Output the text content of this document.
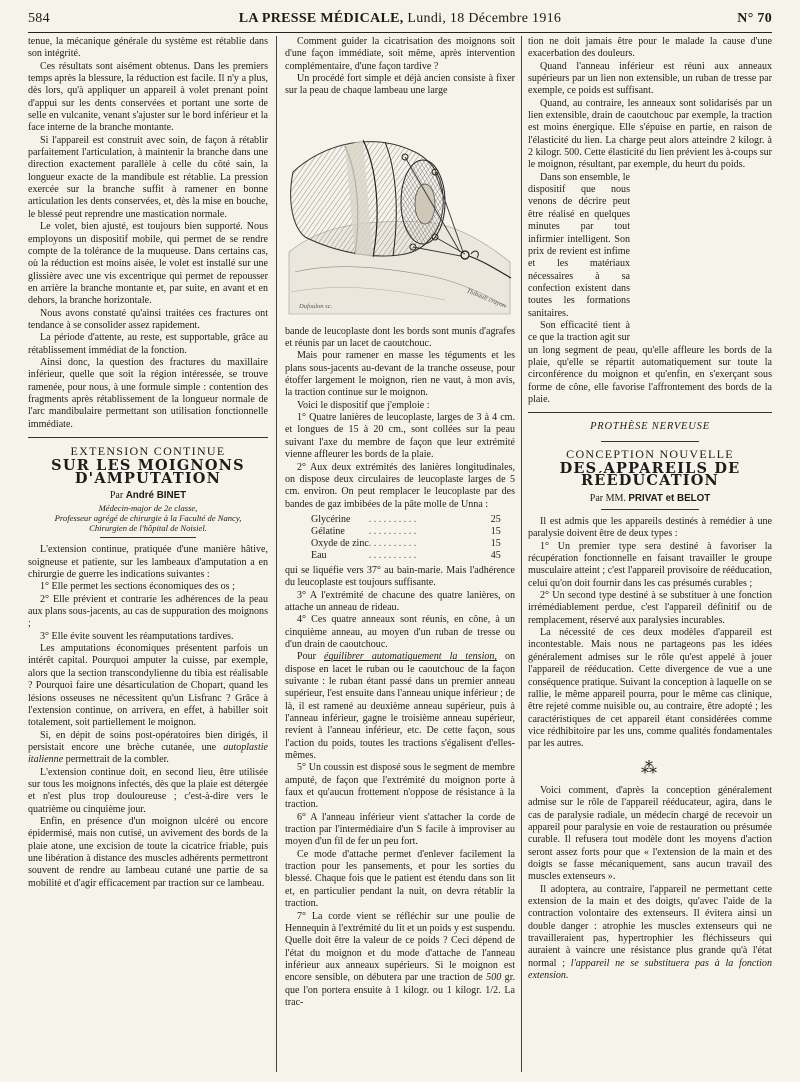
584	LA PRESSE MÉDICALE, Lundi, 18 Décembre 1916	N° 70

tenue, la mécanique générale du système est rétablie dans son intégrité.

Ces résultats sont aisément obtenus. Dans les premiers temps après la blessure, la réduction est facile. Il n'y a plus, dès lors, qu'à appliquer un appareil à volet prenant point d'appui sur les dents conservées et portant une sorte de selle en vulcanite, venant s'ajuster sur le bord inférieur et la face interne de la branche montante.

Si l'appareil est construit avec soin, de façon à rétablir parfaitement l'articulation, à maintenir la branche dans une direction exactement parallèle à celle du côté sain, la longueur exacte de la mandibule est rétablie. La pression exercée sur la branche suffit à ramener en bonne articulation les dents conservées, et, dès la mise en bouche, le blessé peut reprendre une mastication normale.

Le volet, bien ajusté, est toujours bien supporté. Nous employons un dispositif mobile, qui permet de se rendre compte de la tolérance de la muqueuse. Dans certains cas, où la réduction est moins aisée, le volet est installé sur une glissière avec une vis excentrique qui permet de repousser en arrière la branche montante et, par suite, en avant et en dehors, la branche horizontale.

Nous avons constaté qu'ainsi traitées ces fractures ont tendance à se consolider assez rapidement.

La période d'attente, au reste, est supportable, grâce au rétablissement immédiat de la fonction.

Ainsi donc, la question des fractures du maxillaire inférieur, quelle que soit la région intéressée, se trouve ramenée, pour nous, à une formule simple : contention des fragments après rétablissement de la longueur normale de l'arc mandibulaire permettant son utilisation fonctionnelle immédiate.

EXTENSION CONTINUE
SUR LES MOIGNONS D'AMPUTATION
Par André BINET
Médecin-major de 2e classe,
Professeur agrégé de chirurgie à la Faculté de Nancy,
Chirurgien de l'hôpital de Noisiel.

L'extension continue, pratiquée d'une manière hâtive, soigneuse et patiente, sur les lambeaux d'amputation a en chirurgie de guerre les indications suivantes :

1° Elle permet les sections économiques des os ;

2° Elle prévient et contrarie les adhérences de la peau aux plans sous-jacents, au cas de suppuration des moignons ;

3° Elle évite souvent les réamputations tardives.

Les amputations économiques présentent parfois un intérêt capital. Pourquoi amputer la cuisse, par exemple, alors que la section transcondylienne du tibia est réalisable ? Pourquoi faire une désarticulation de Chopart, quand les lésions osseuses ne nécessitent qu'un Lisfranc ? Grâce à l'extension continue, on arrivera, en effet, à habiller soit totalement, soit partiellement le moignon.

Si, en dépit de soins post-opératoires bien dirigés, il persistait encore une brèche cutanée, une autoplastie italienne permettrait de la combler.

L'extension continue doit, en second lieu, être utilisée sur tous les moignons infectés, dès que la plaie est détergée et n'est plus trop douloureuse ; c'est-à-dire vers le quatrième ou cinquième jour.

Enfin, en présence d'un moignon ulcéré ou encore épidermisé, mais non cutisé, un avivement des bords de la plaie atone, une excision de toute la cicatrice friable, puis une libération à distance des muscles adhérents permettront souvent de rendre au lambeau cutané une partie de sa mobilité et d'agir efficacement par traction sur ce lambeau.

Comment guider la cicatrisation des moignons soit d'une façon immédiate, soit même, après intervention complémentaire, d'une façon tardive ?

Un procédé fort simple et déjà ancien consiste à fixer sur la peau de chaque lambeau une large

Dufoulon sc.	Thibault crayon

bande de leucoplaste dont les bords sont munis d'agrafes et réunis par un lacet de caoutchouc.

Mais pour ramener en masse les téguments et les plans sous-jacents au-devant de la tranche osseuse, pour étoffer largement le moignon, rien ne vaut, à mon avis, la traction continue sur le moignon.

Voici le dispositif que j'emploie :

1° Quatre lanières de leucoplaste, larges de 3 à 4 cm. et longues de 15 à 20 cm., sont collées sur la peau suivant l'axe du membre de façon que leur extrémité vienne affleurer les bords de la plaie.

2° Aux deux extrémités des lanières longitudinales, on dispose deux circulaires de leucoplaste larges de 5 cm. environ. On peut remplacer le leucoplaste par des bandes de gaz imbibées de la pâte molle de Unna :

Glycérine	. . . . . . . . . .	25
Gélatine	. . . . . . . . . .	15
Oxyde de zinc	. . . . . . . . . .	15
Eau	. . . . . . . . . .	45

qui se liquéfie vers 37° au bain-marie. Mais l'adhérence du leucoplaste est toujours suffisante.

3° A l'extrémité de chacune des quatre lanières, on attache un anneau de rideau.

4° Ces quatre anneaux sont réunis, en cône, à un cinquième anneau, au moyen d'un ruban de tresse ou d'un drain de caoutchouc.

Pour équilibrer automatiquement la tension, on dispose en lacet le ruban ou le caoutchouc de la façon suivante : le ruban étant passé dans un premier anneau supérieur, l'est ensuite dans l'anneau unique inférieur ; de là, il est ramené au deuxième anneau supérieur, puis à l'anneau inférieur, gagne le troisième anneau supérieur, revient à l'anneau inférieur, etc. De cette façon, sous l'action du poids, toutes les tractions s'égalisent d'elles-mêmes.

5° Un coussin est disposé sous le segment de membre amputé, de façon que l'extrémité du moignon porte à faux et qu'aucun frottement n'oppose de résistance à la traction.

6° A l'anneau inférieur vient s'attacher la corde de traction par l'intermédiaire d'un S facile à improviser au moyen d'un fil de fer un peu fort.

Ce mode d'attache permet d'enlever facilement la traction pour les pansements, et pour les sorties du blessé. Chaque fois que le patient est étendu dans son lit et, en particulier pendant la nuit, on devra rétablir la traction.

7° La corde vient se réfléchir sur une poulie de Hennequin à l'extrémité du lit et un poids y est suspendu. Quelle doit être la valeur de ce poids ? Ceci dépend de l'état du moignon et du mode d'attache de l'anneau inférieur aux anneaux supérieurs. Si le moignon est encore sensible, on débutera par une traction de 500 gr. que l'on portera ensuite à 1 kilogr. ou 1 kilogr. 1/2. La trac-

tion ne doit jamais être pour le malade la cause d'une exacerbation des douleurs.

Quand l'anneau inférieur est réuni aux anneaux supérieurs par un lien non extensible, un ruban de tresse par exemple, ce poids est suffisant.

Quand, au contraire, les anneaux sont solidarisés par un lien extensible, drain de caoutchouc par exemple, la traction est moins énergique. Elle s'épuise en partie, en raison de l'élasticité du lien. La charge peut alors atteindre 2 kilogr. à 2 kilogr. 500. Cette élasticité du lien prévient les à-coups sur le moignon, résultant, par exemple, du heurt du poids.

Dans son ensemble, le dispositif que nous venons de décrire peut être réalisé en quelques minutes par tout infirmier intelligent. Son prix de revient est infime et les matériaux nécessaires à sa confection existent dans toutes les formations sanitaires.

Son efficacité tient à ce que la traction agit sur un long segment de peau, qu'elle affleure les bords de la plaie, qu'elle se répartit automatiquement sur toute la circonférence du moignon et qu'enfin, en s'exerçant sous forme de cône, elle favorise l'affrontement des bords de la plaie.

PROTHÈSE NERVEUSE
CONCEPTION NOUVELLE
DES APPAREILS DE RÉÉDUCATION
Par MM. PRIVAT et BELOT

Il est admis que les appareils destinés à remédier à une paralysie doivent être de deux types :

1° Un premier type sera destiné à favoriser la récupération fonctionnelle en faisant travailler le groupe musculaire atteint ; c'est l'appareil provisoire de rééducation, celui qu'on doit fournir dans les cas présumés curables ;

2° Un second type destiné à se substituer à une fonction irrémédiablement perdue, c'est l'appareil définitif ou de remplacement, réservé aux paralysies incurables.

La nécessité de ces deux modèles d'appareil est incontestable. Mais nous ne partageons pas les idées généralement admises sur le rôle qu'est appelé à jouer l'appareil de rééducation. Cette divergence de vue a une conséquence pratique. Suivant la conception à laquelle on se rallie, le même appareil pourra, pour le même cas clinique, être rejeté comme nuisible ou, au contraire, être adopté ; les caractéristiques de cet appareil étant considérées comme vice rédhibitoire par les uns, comme qualités fondamentales par les autres.

⁂

Voici comment, d'après la conception généralement admise sur le rôle de l'appareil rééducateur, agira, dans le cas de paralysie radiale, un médecin chargé de recevoir un appareil pour paralysie en voie de restauration ou présumée curable. Il refusera tout modèle dont les moyens d'action seront assez forts pour que « l'extension de la main et des doigts se fasse mécaniquement, sans aucun travail des muscles extenseurs ».

Il adoptera, au contraire, l'appareil ne permettant cette extension de la main et des doigts, qu'avec l'aide de la contraction volontaire des extenseurs. Il évitera ainsi un double danger : atrophie les muscles extenseurs qui ne travailleraient pas, hypertrophier les fléchisseurs qui auraient à vaincre une résistance plus grande qu'à l'état normal ; l'appareil ne se substituera pas à la fonction extension.
